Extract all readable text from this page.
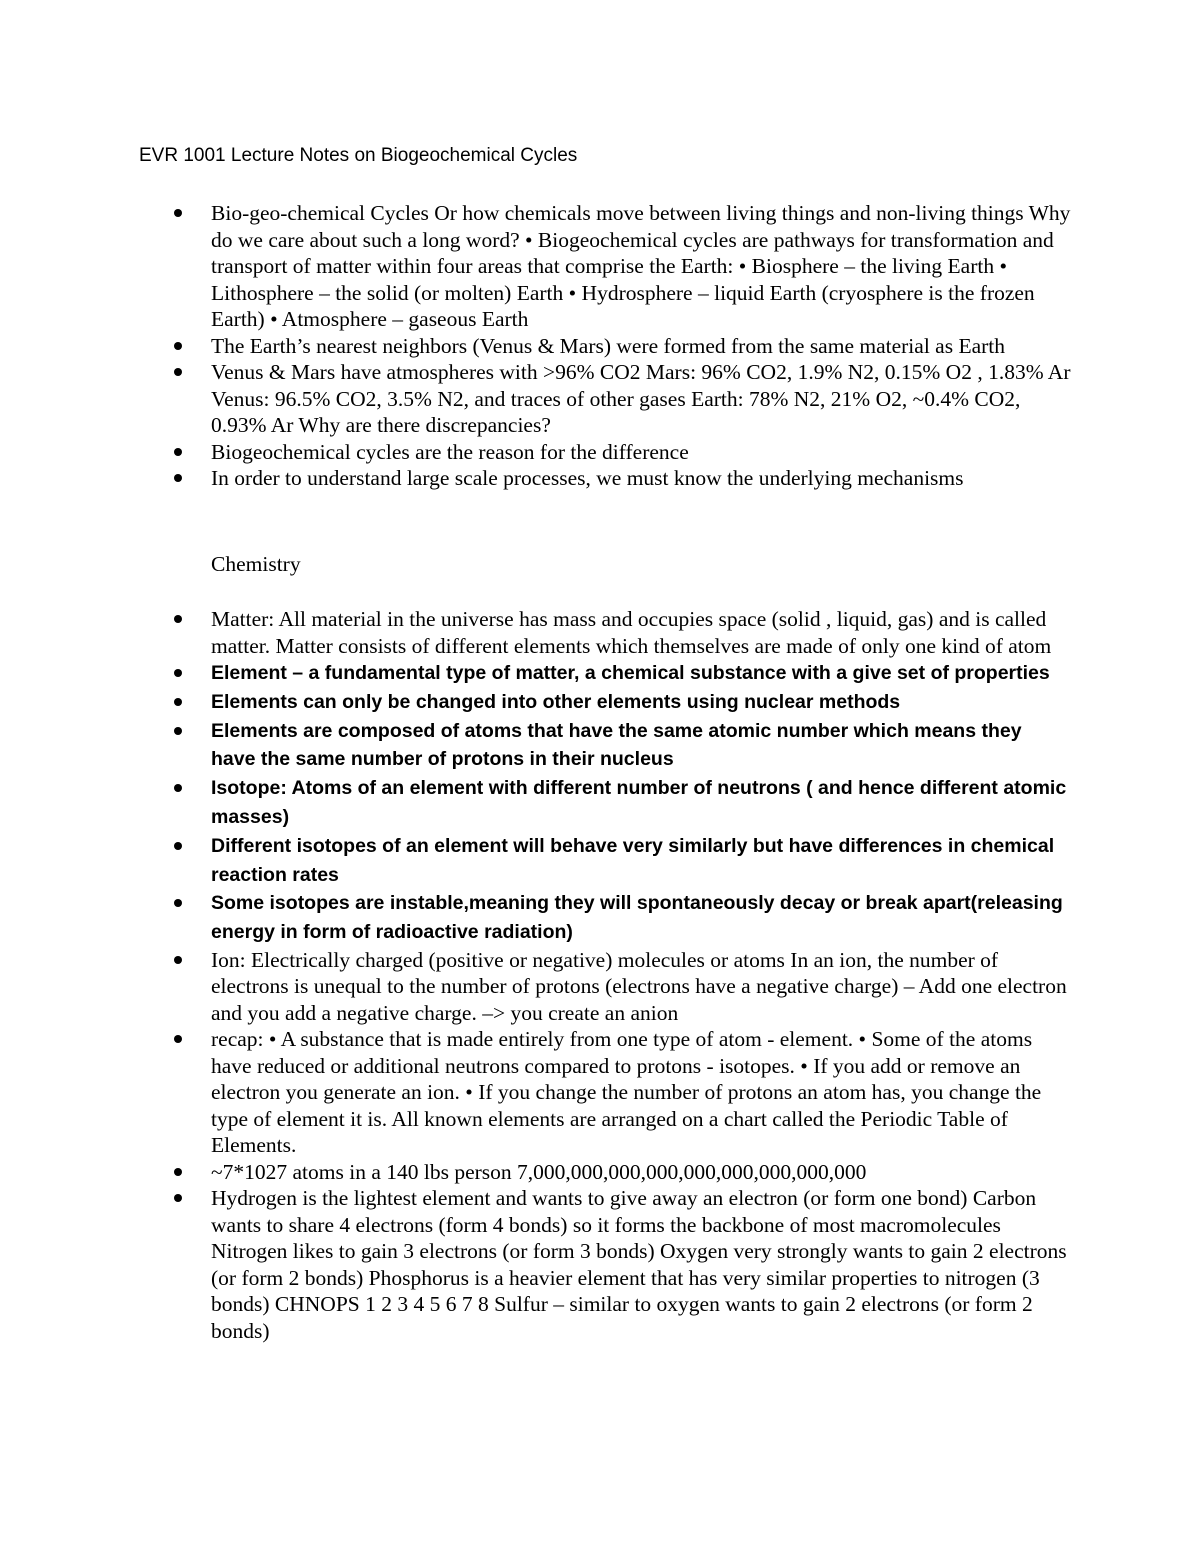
EVR 1001 Lecture Notes on Biogeochemical Cycles
Bio-geo-chemical Cycles Or how chemicals move between living things and non-living things Why do we care about such a long word? • Biogeochemical cycles are pathways for transformation and transport of matter within four areas that comprise the Earth: • Biosphere – the living Earth • Lithosphere – the solid (or molten) Earth • Hydrosphere – liquid Earth (cryosphere is the frozen Earth) • Atmosphere – gaseous Earth
The Earth’s nearest neighbors (Venus & Mars) were formed from the same material as Earth
Venus & Mars have atmospheres with >96% CO2 Mars: 96% CO2, 1.9% N2, 0.15% O2 , 1.83% Ar Venus: 96.5% CO2, 3.5% N2, and traces of other gases Earth: 78% N2, 21% O2, ~0.4% CO2, 0.93% Ar Why are there discrepancies?
Biogeochemical cycles are the reason for the difference
In order to understand large scale processes, we must know the underlying mechanisms
Chemistry
Matter: All material in the universe has mass and occupies space (solid , liquid, gas) and is called matter. Matter consists of different elements which themselves are made of only one kind of atom
Element – a fundamental type of matter, a chemical substance with a give set of properties
Elements can only be changed into other elements using nuclear methods
Elements are composed of atoms that have the same atomic number which means they have the same number of protons in their nucleus
Isotope: Atoms of an element with different number of neutrons ( and hence different atomic masses)
Different isotopes of an element will behave very similarly but have differences in chemical reaction rates
Some isotopes are instable,meaning they will spontaneously decay or break apart(releasing energy in form of radioactive radiation)
Ion: Electrically charged (positive or negative) molecules or atoms In an ion, the number of electrons is unequal to the number of protons (electrons have a negative charge) – Add one electron and you add a negative charge. –> you create an anion
recap: • A substance that is made entirely from one type of atom - element. • Some of the atoms have reduced or additional neutrons compared to protons - isotopes. • If you add or remove an electron you generate an ion. • If you change the number of protons an atom has, you change the type of element it is. All known elements are arranged on a chart called the Periodic Table of Elements.
~7*1027 atoms in a 140 lbs person 7,000,000,000,000,000,000,000,000,000
Hydrogen is the lightest element and wants to give away an electron (or form one bond) Carbon wants to share 4 electrons (form 4 bonds) so it forms the backbone of most macromolecules Nitrogen likes to gain 3 electrons (or form 3 bonds) Oxygen very strongly wants to gain 2 electrons (or form 2 bonds) Phosphorus is a heavier element that has very similar properties to nitrogen (3 bonds) CHNOPS 1 2 3 4 5 6 7 8 Sulfur – similar to oxygen wants to gain 2 electrons (or form 2 bonds)
